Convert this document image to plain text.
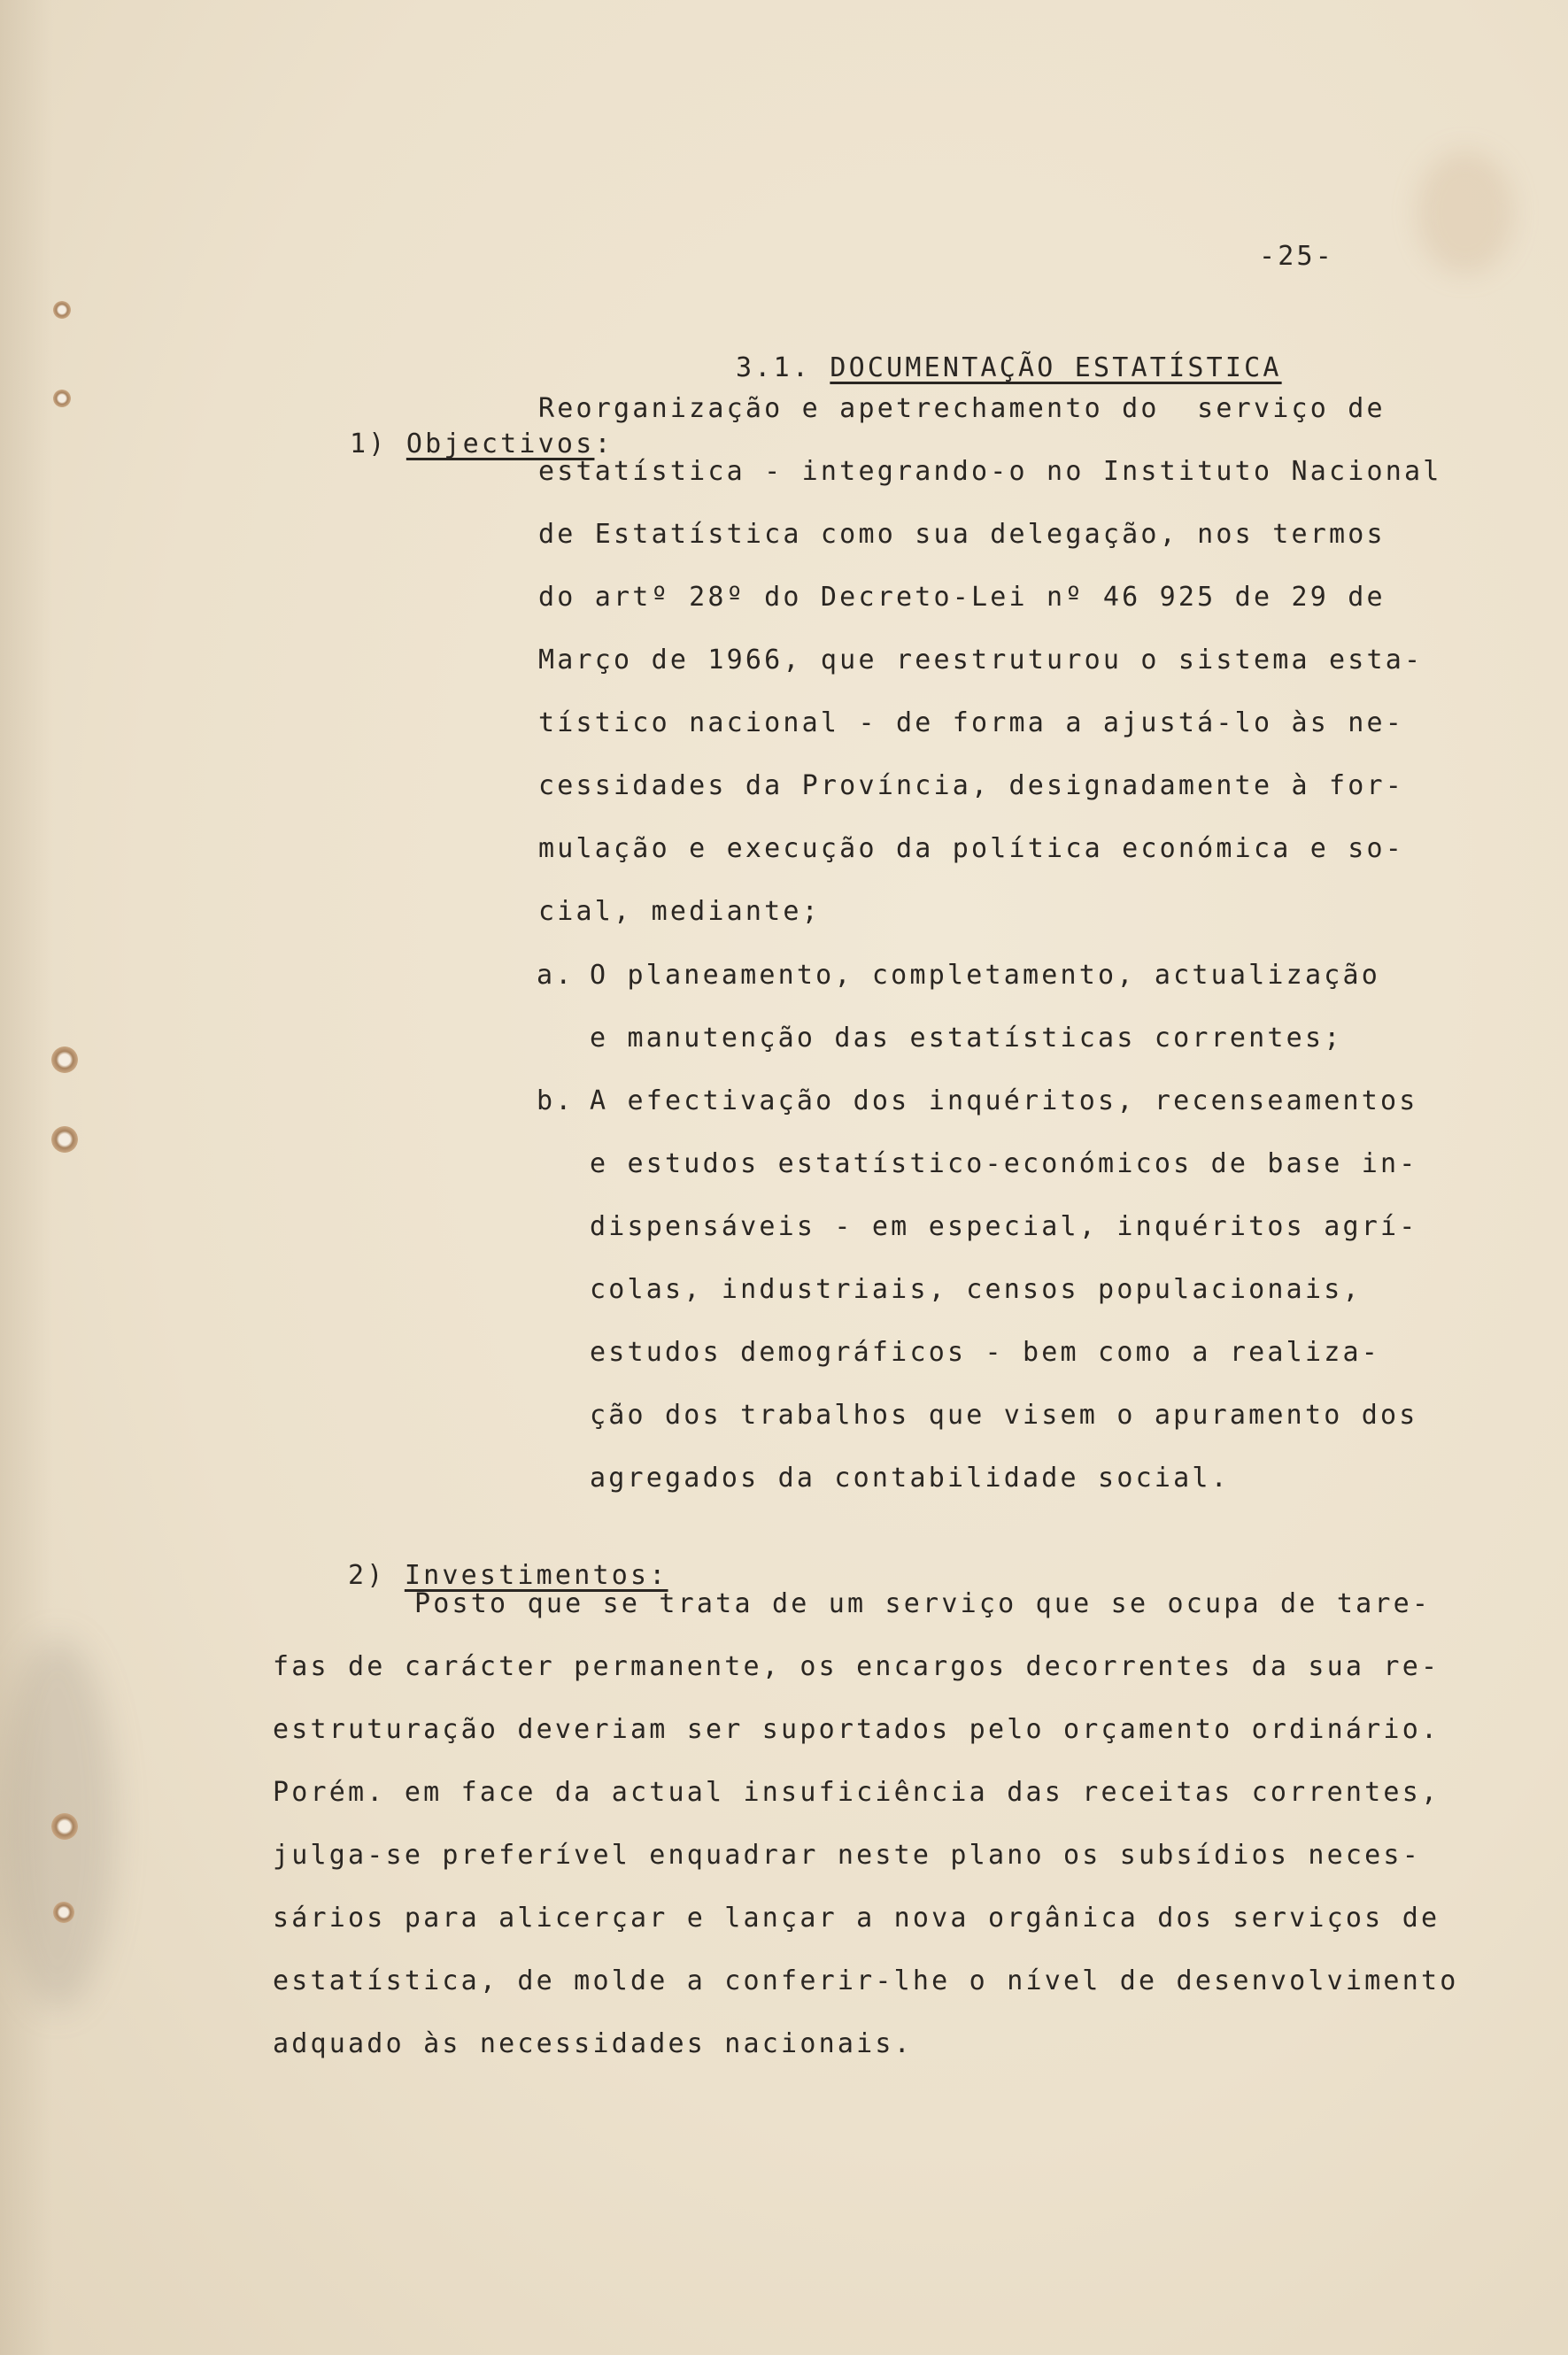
-25-

3.1. DOCUMENTAÇÃO ESTATÍSTICA

1) Objectivos:

Reorganização e apetrechamento do  serviço de
estatística - integrando-o no Instituto Nacional
de Estatística como sua delegação, nos termos
do artº 28º do Decreto-Lei nº 46 925 de 29 de
Março de 1966, que reestruturou o sistema esta-
tístico nacional - de forma a ajustá-lo às ne-
cessidades da Província, designadamente à for-
mulação e execução da política económica e so-
cial, mediante;
a. O planeamento, completamento, actualização
e manutenção das estatísticas correntes;
b. A efectivação dos inquéritos, recenseamentos
e estudos estatístico-económicos de base in-
dispensáveis - em especial, inquéritos agrí-
colas, industriais, censos populacionais,
estudos demográficos - bem como a realiza-
ção dos trabalhos que visem o apuramento dos
agregados da contabilidade social.

2) Investimentos:

Posto que se trata de um serviço que se ocupa de tare-
fas de carácter permanente, os encargos decorrentes da sua re-
estruturação deveriam ser suportados pelo orçamento ordinário.
Porém. em face da actual insuficiência das receitas correntes,
julga-se preferível enquadrar neste plano os subsídios neces-
sários para alicerçar e lançar a nova orgânica dos serviços de
estatística, de molde a conferir-lhe o nível de desenvolvimento
adquado às necessidades nacionais.
